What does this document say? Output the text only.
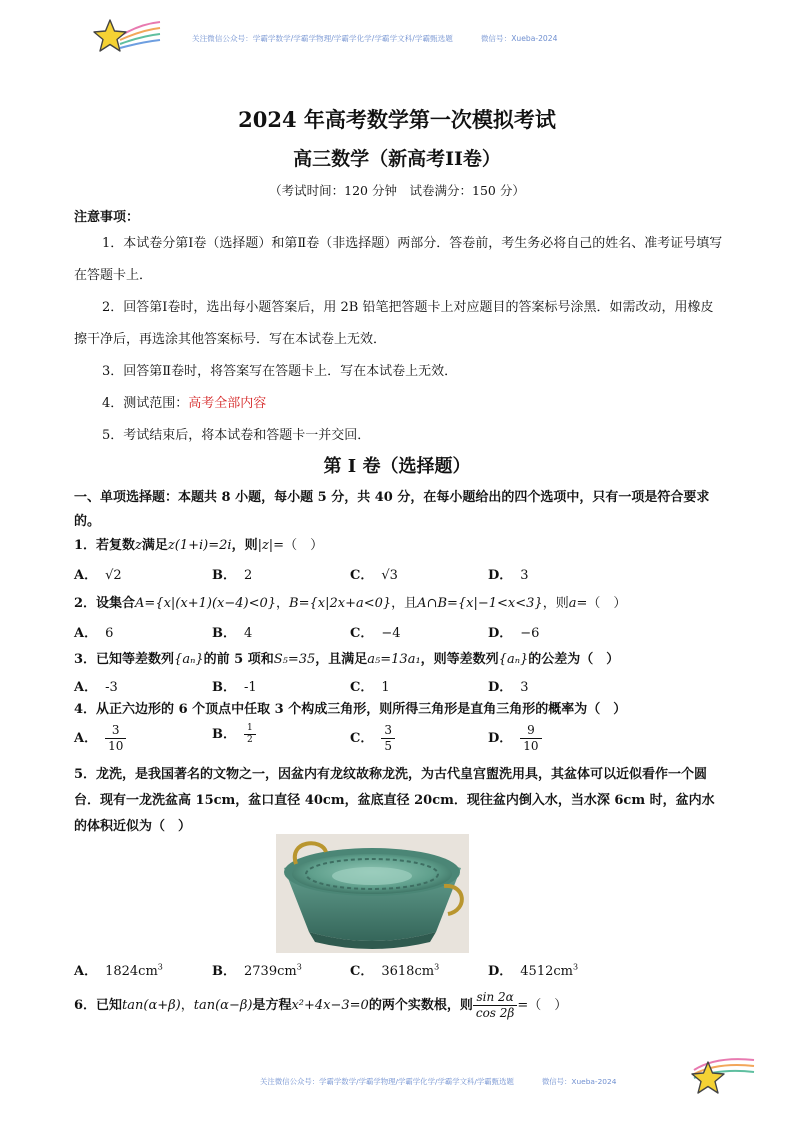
关注微信公众号：学霸学数学/学霸学物理/学霸学化学/学霸学文科/学霸甄选题	微信号：Xueba-2024
2024 年高考数学第一次模拟考试
高三数学（新高考II卷）
（考试时间：120 分钟　试卷满分：150 分）
注意事项：
1．本试卷分第Ⅰ卷（选择题）和第Ⅱ卷（非选择题）两部分．答卷前，考生务必将自己的姓名、准考证号填写在答题卡上．
2．回答第Ⅰ卷时，选出每小题答案后，用 2B 铅笔把答题卡上对应题目的答案标号涂黑．如需改动，用橡皮擦干净后，再选涂其他答案标号．写在本试卷上无效．
3．回答第Ⅱ卷时，将答案写在答题卡上．写在本试卷上无效．
4．测试范围：高考全部内容
5．考试结束后，将本试卷和答题卡一并交回．
第 I 卷（选择题）
一、单项选择题：本题共 8 小题，每小题 5 分，共 40 分，在每小题给出的四个选项中，只有一项是符合要求的。
1．若复数z满足z(1+i)=2i，则|z|=（　）
A． √2	B． 2	C． √3	D． 3
2．设集合A={x|(x+1)(x−4)<0}，B={x|2x+a<0}，且A∩B={x|−1<x<3}，则a=（　）
A． 6	B． 4	C． −4	D． −6
3．已知等差数列{aₙ}的前 5 项和S₅=35，且满足a₅=13a₁，则等差数列{aₙ}的公差为（　）
A． -3	B． -1	C． 1	D． 3
4．从正六边形的 6 个顶点中任取 3 个构成三角形，则所得三角形是直角三角形的概率为（　）
A． $\frac{3}{10}$	B． $\frac{1}{2}$	C． $\frac{3}{5}$	D． $\frac{9}{10}$
5．龙洗，是我国著名的文物之一，因盆内有龙纹故称龙洗，为古代皇宫盥洗用具，其盆体可以近似看作一个圆台．现有一龙洗盆高 15cm，盆口直径 40cm，盆底直径 20cm．现往盆内倒入水，当水深 6cm 时，盆内水的体积近似为（　）
A． $1824cm^3$	B． $2739cm^3$	C． $3618cm^3$	D． $4512cm^3$
6．已知tan(α+β)，tan(α−β)是方程x²+4x−3=0的两个实数根，则 $\frac{\sin 2\alpha}{\cos 2\beta}$ =（　）
关注微信公众号：学霸学数学/学霸学物理/学霸学化学/学霸学文科/学霸甄选题	微信号：Xueba-2024
